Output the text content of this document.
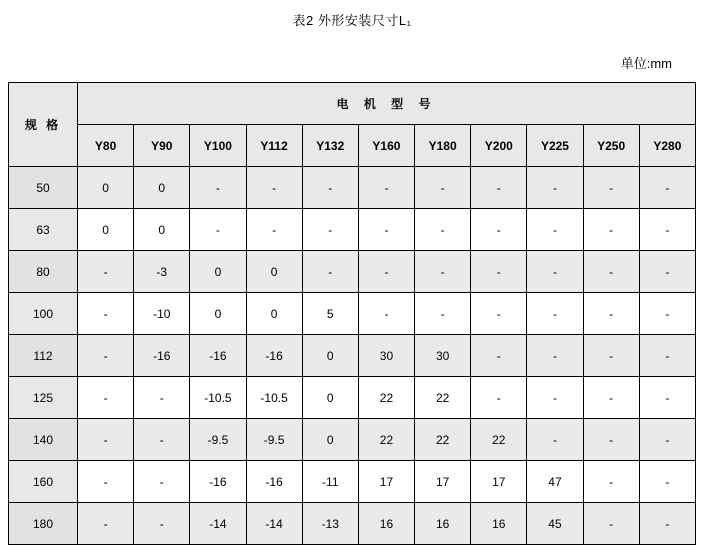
表2 外形安装尺寸L₁
单位:mm
规 格	电 机 型 号										
	Y80	Y90	Y100	Y112	Y132	Y160	Y180	Y200	Y225	Y250	Y280
50	0	0	-	-	-	-	-	-	-	-	-
63	0	0	-	-	-	-	-	-	-	-	-
80	-	-3	0	0	-	-	-	-	-	-	-
100	-	-10	0	0	5	-	-	-	-	-	-
112	-	-16	-16	-16	0	30	30	-	-	-	-
125	-	-	-10.5	-10.5	0	22	22	-	-	-	-
140	-	-	-9.5	-9.5	0	22	22	22	-	-	-
160	-	-	-16	-16	-11	17	17	17	47	-	-
180	-	-	-14	-14	-13	16	16	16	45	-	-
